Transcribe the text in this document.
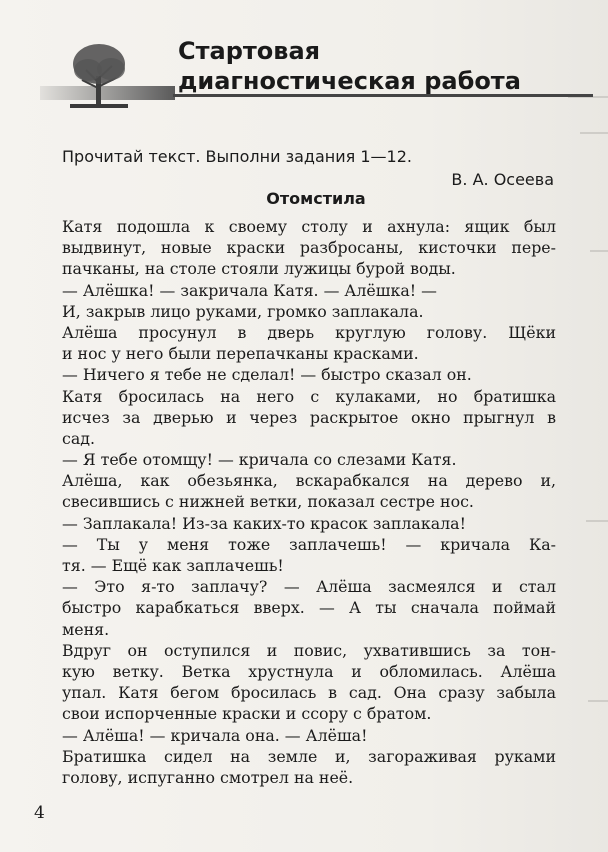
Стартовая
диагностическая работа
Прочитай текст. Выполни задания 1—12.
В. А. Осеева
Отомстила
Катя подошла к своему столу и ахнула: ящик был
выдвинут, новые краски разбросаны, кисточки пере-
пачканы, на столе стояли лужицы бурой воды.
— Алёшка! — закричала Катя. — Алёшка! —
И, закрыв лицо руками, громко заплакала.
Алёша просунул в дверь круглую голову. Щёки
и нос у него были перепачканы красками.
— Ничего я тебе не сделал! — быстро сказал он.
Катя бросилась на него с кулаками, но братишка
исчез за дверью и через раскрытое окно прыгнул в
сад.
— Я тебе отомщу! — кричала со слезами Катя.
Алёша, как обезьянка, вскарабкался на дерево и,
свесившись с нижней ветки, показал сестре нос.
— Заплакала! Из-за каких-то красок заплакала!
— Ты у меня тоже заплачешь! — кричала Ка-
тя. — Ещё как заплачешь!
— Это я-то заплачу? — Алёша засмеялся и стал
быстро карабкаться вверх. — А ты сначала поймай
меня.
Вдруг он оступился и повис, ухватившись за тон-
кую ветку. Ветка хрустнула и обломилась. Алёша
упал. Катя бегом бросилась в сад. Она сразу забыла
свои испорченные краски и ссору с братом.
— Алёша! — кричала она. — Алёша!
Братишка сидел на земле и, загораживая руками
голову, испуганно смотрел на неё.
4
